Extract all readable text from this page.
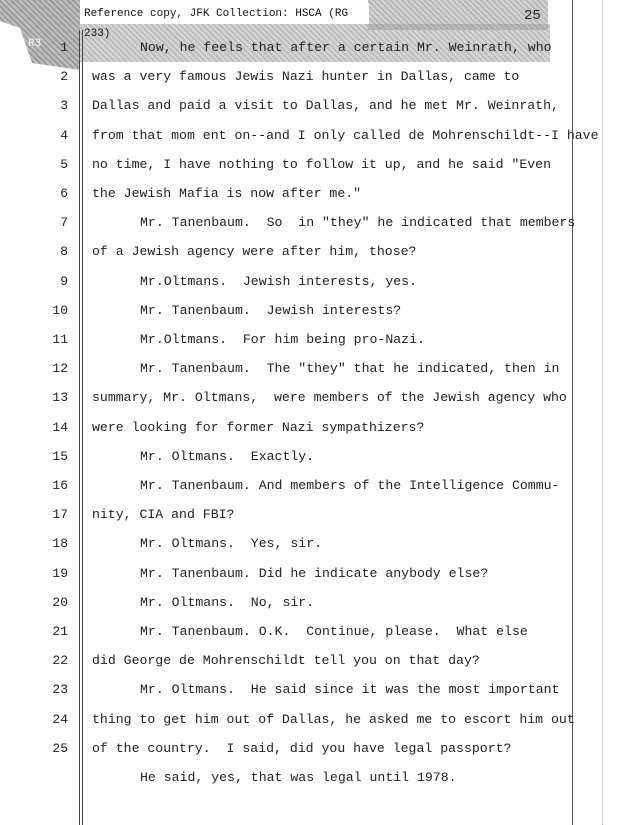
Reference copy, JFK Collection: HSCA (RG 233)
25
R3	1	Now, he feels that after a certain Mr. Weinrath, who
2 was a very famous Jewis Nazi hunter in Dallas, came to
3 Dallas and paid a visit to Dallas, and he met Mr. Weinrath,
4 from that mom ent on--and I only called de Mohrenschildt--I have
5 no time, I have nothing to follow it up, and he said "Even
6 the Jewish Mafia is now after me."
7	Mr. Tanenbaum.  So  in "they" he indicated that members
8 of a Jewish agency were after him, those?
9	Mr.Oltmans.  Jewish interests, yes.
10	Mr. Tanenbaum.  Jewish interests?
11	Mr.Oltmans.  For him being pro-Nazi.
12	Mr. Tanenbaum.  The "they" that he indicated, then in
13 summary, Mr. Oltmans,  were members of the Jewish agency who
14 were looking for former Nazi sympathizers?
15	Mr. Oltmans.  Exactly.
16	Mr. Tanenbaum. And members of the Intelligence Commu-
17 nity, CIA and FBI?
18	Mr. Oltmans.  Yes, sir.
19	Mr. Tanenbaum. Did he indicate anybody else?
20	Mr. Oltmans.  No, sir.
21	Mr. Tanenbaum. O.K.  Continue, please.  What else
22 did George de Mohrenschildt tell you on that day?
23	Mr. Oltmans.  He said since it was the most important
24 thing to get him out of Dallas, he asked me to escort him out
25 of the country.  I said, did you have legal passport?
He said, yes, that was legal until 1978.
